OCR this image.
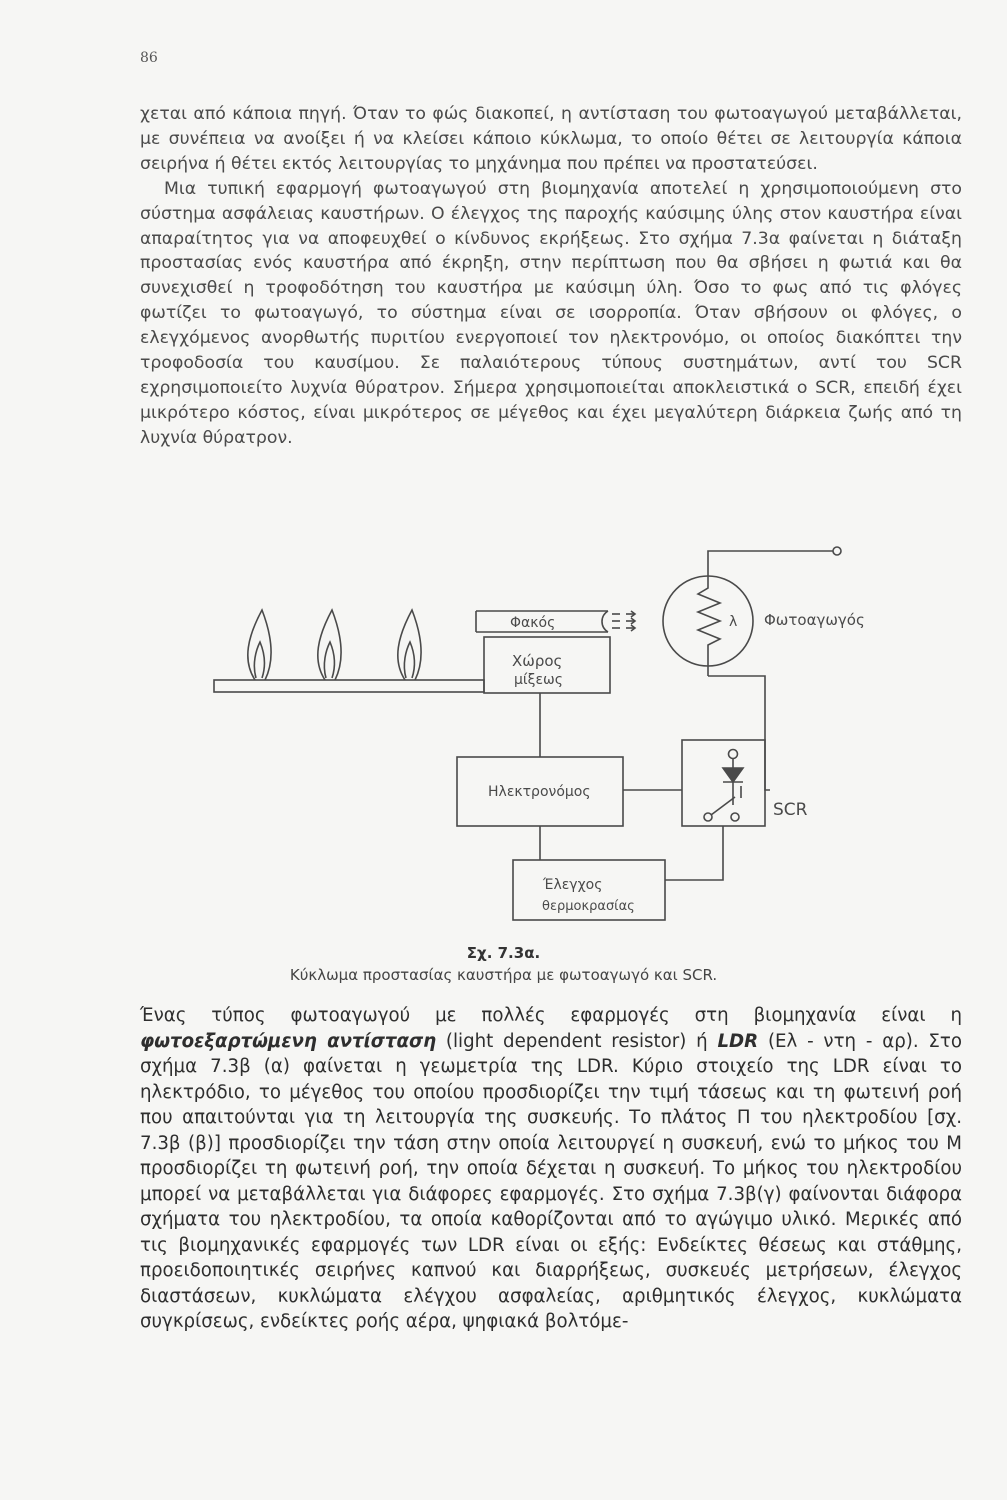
86

χεται από κάποια πηγή. Όταν το φώς διακοπεί, η αντίσταση του φωτοαγωγού μεταβάλλεται, με συνέπεια να ανοίξει ή να κλείσει κάποιο κύκλωμα, το οποίο θέτει σε λειτουργία κάποια σειρήνα ή θέτει εκτός λειτουργίας το μηχάνημα που πρέπει να προστατεύσει.

Μια τυπική εφαρμογή φωτοαγωγού στη βιομηχανία αποτελεί η χρησιμοποιούμενη στο σύστημα ασφάλειας καυστήρων. Ο έλεγχος της παροχής καύσιμης ύλης στον καυστήρα είναι απαραίτητος για να αποφευχθεί ο κίνδυνος εκρήξεως. Στο σχήμα 7.3α φαίνεται η διάταξη προστασίας ενός καυστήρα από έκρηξη, στην περίπτωση που θα σβήσει η φωτιά και θα συνεχισθεί η τροφοδότηση του καυστήρα με καύσιμη ύλη. Όσο το φως από τις φλόγες φωτίζει το φωτοαγωγό, το σύστημα είναι σε ισορροπία. Όταν σβήσουν οι φλόγες, ο ελεγχόμενος ανορθωτής πυριτίου ενεργοποιεί τον ηλεκτρονόμο, οι οποίος διακόπτει την τροφοδοσία του καυσίμου. Σε παλαιότερους τύπους συστημάτων, αντί του SCR εχρησιμοποιείτο λυχνία θύρατρον. Σήμερα χρησιμοποιείται αποκλειστικά ο SCR, επειδή έχει μικρότερο κόστος, είναι μικρότερος σε μέγεθος και έχει μεγαλύτερη διάρκεια ζωής από τη λυχνία θύρατρον.

Φακός
Χώρος
μίξεως
λ Φωτοαγωγός
Ηλεκτρονόμος
SCR
Έλεγχος
θερμοκρασίας
Σχ. 7.3α.
Κύκλωμα προστασίας καυστήρα με φωτοαγωγό και SCR.

Ένας τύπος φωτοαγωγού με πολλές εφαρμογές στη βιομηχανία είναι η φωτοεξαρτώμενη αντίσταση (light dependent resistor) ή LDR (Ελ - ντη - αρ). Στο σχήμα 7.3β (α) φαίνεται η γεωμετρία της LDR. Κύριο στοιχείο της LDR είναι το ηλεκτρόδιο, το μέγεθος του οποίου προσδιορίζει την τιμή τάσεως και τη φωτεινή ροή που απαιτούνται για τη λειτουργία της συσκευής. Το πλάτος Π του ηλεκτροδίου [σχ. 7.3β (β)] προσδιορίζει την τάση στην οποία λειτουργεί η συσκευή, ενώ το μήκος του Μ προσδιορίζει τη φωτεινή ροή, την οποία δέχεται η συσκευή. Το μήκος του ηλεκτροδίου μπορεί να μεταβάλλεται για διάφορες εφαρμογές. Στο σχήμα 7.3β(γ) φαίνονται διάφορα σχήματα του ηλεκτροδίου, τα οποία καθορίζονται από το αγώγιμο υλικό. Μερικές από τις βιομηχανικές εφαρμογές των LDR είναι οι εξής: Ενδείκτες θέσεως και στάθμης, προειδοποιητικές σειρήνες καπνού και διαρρήξεως, συσκευές μετρήσεων, έλεγχος διαστάσεων, κυκλώματα ελέγχου ασφαλείας, αριθμητικός έλεγχος, κυκλώματα συγκρίσεως, ενδείκτες ροής αέρα, ψηφιακά βολτόμε-
